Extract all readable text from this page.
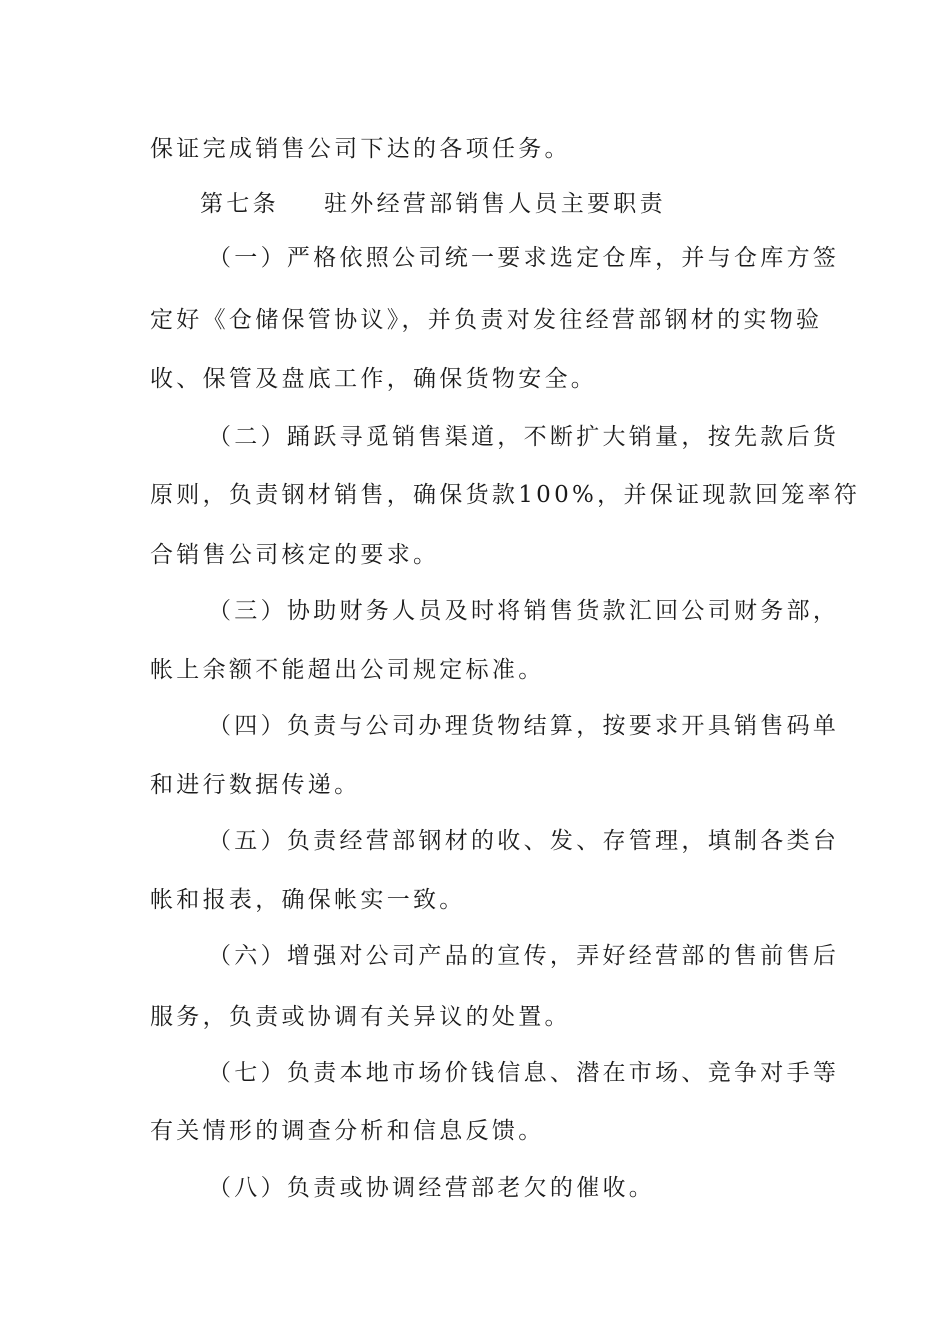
保证完成销售公司下达的各项任务。
第七条 驻外经营部销售人员主要职责
（一）严格依照公司统一要求选定仓库，并与仓库方签
定好《仓储保管协议》，并负责对发往经营部钢材的实物验
收、保管及盘底工作，确保货物安全。
（二）踊跃寻觅销售渠道，不断扩大销量，按先款后货
原则，负责钢材销售，确保货款100%，并保证现款回笼率符
合销售公司核定的要求。
（三）协助财务人员及时将销售货款汇回公司财务部，
帐上余额不能超出公司规定标准。
（四）负责与公司办理货物结算，按要求开具销售码单
和进行数据传递。
（五）负责经营部钢材的收、发、存管理，填制各类台
帐和报表，确保帐实一致。
（六）增强对公司产品的宣传，弄好经营部的售前售后
服务，负责或协调有关异议的处置。
（七）负责本地市场价钱信息、潜在市场、竞争对手等
有关情形的调查分析和信息反馈。
（八）负责或协调经营部老欠的催收。
